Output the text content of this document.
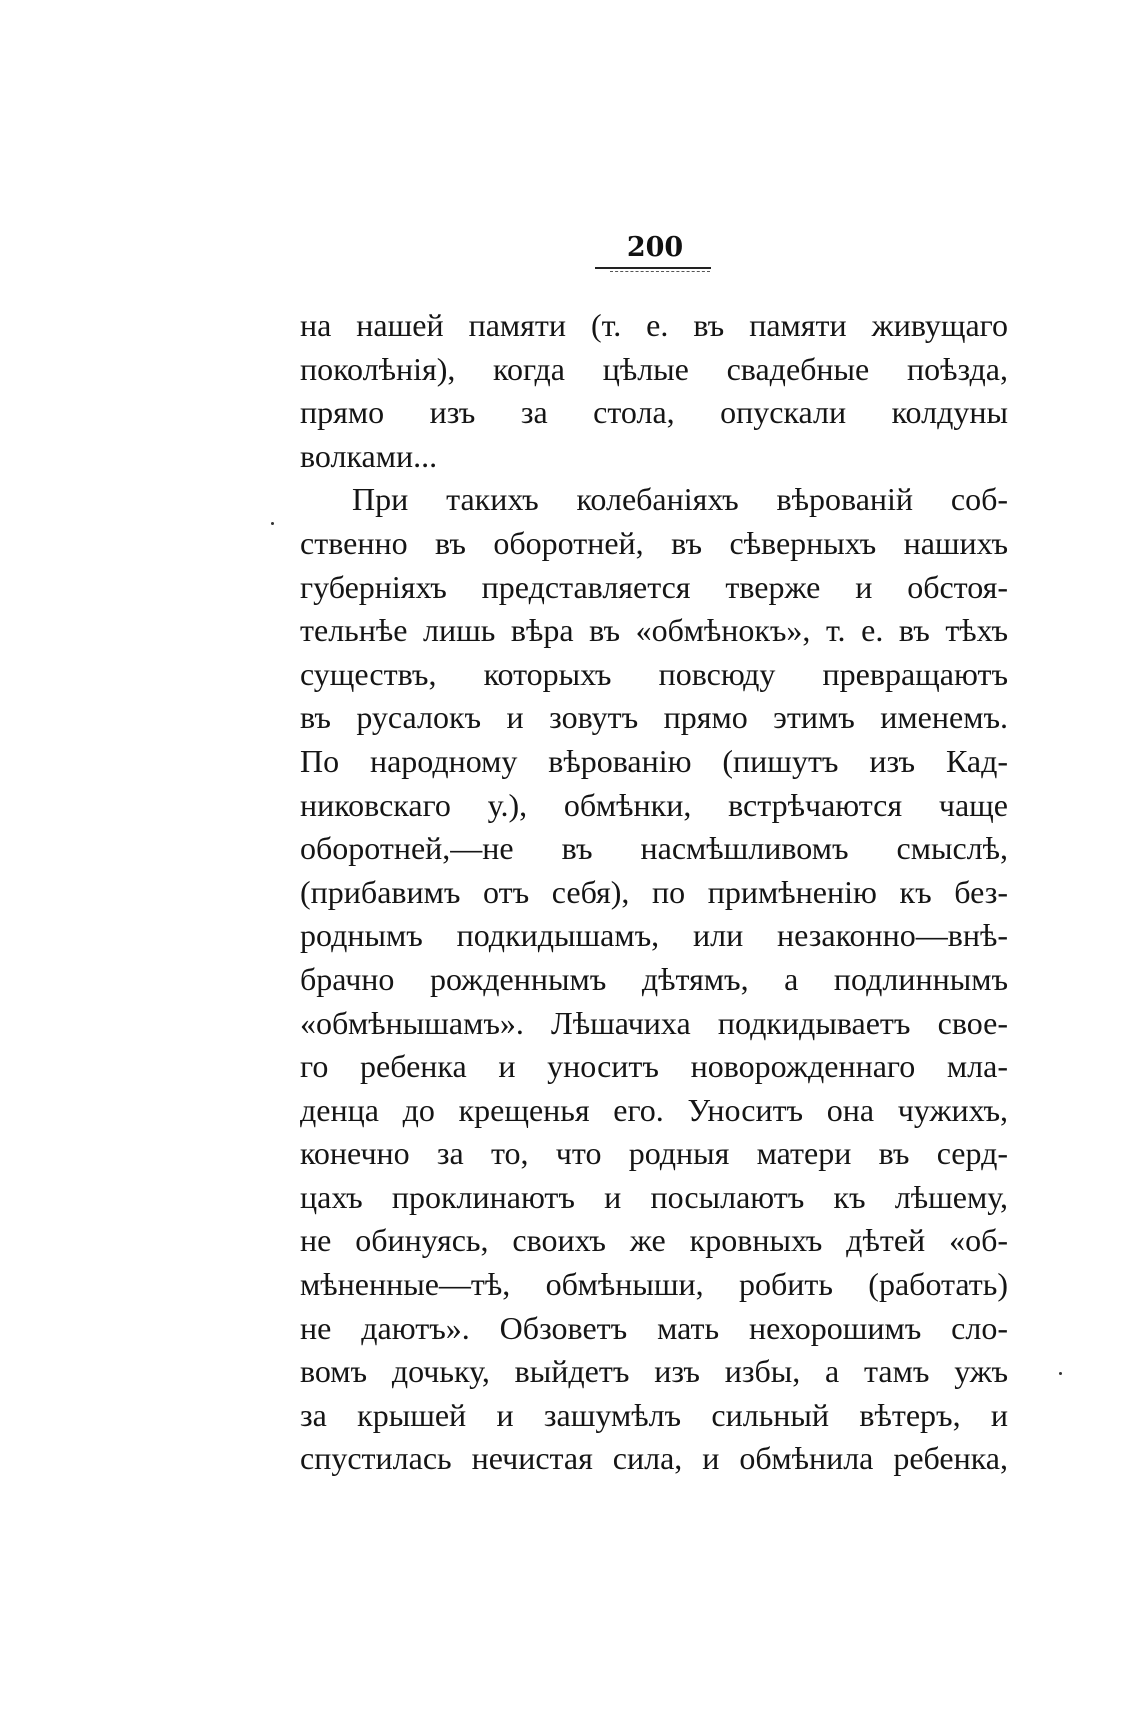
200
на нашей памяти (т. е. въ памяти живущаго
поколѣнія), когда цѣлые свадебные поѣзда,
прямо изъ за стола, опускали колдуны
волками...
При такихъ колебаніяхъ вѣрованій соб-
ственно въ оборотней, въ сѣверныхъ нашихъ
губерніяхъ представляется тверже и обстоя-
тельнѣе лишь вѣра въ «обмѣнокъ», т. е. въ тѣхъ
существъ, которыхъ повсюду превращаютъ
въ русалокъ и зовутъ прямо этимъ именемъ.
По народному вѣрованію (пишутъ изъ Кад-
никовскаго у.), обмѣнки, встрѣчаются чаще
оборотней,—не въ насмѣшливомъ смыслѣ,
(прибавимъ отъ себя), по примѣненію къ без-
роднымъ подкидышамъ, или незаконно—внѣ-
брачно рожденнымъ дѣтямъ, а подлиннымъ
«обмѣнышамъ». Лѣшачиха подкидываетъ свое-
го ребенка и уноситъ новорожденнаго мла-
денца до крещенья его. Уноситъ она чужихъ,
конечно за то, что родныя матери въ серд-
цахъ проклинаютъ и посылаютъ къ лѣшему,
не обинуясь, своихъ же кровныхъ дѣтей «об-
мѣненные—тѣ, обмѣныши, робить (работать)
не даютъ». Обзоветъ мать нехорошимъ сло-
вомъ дочьку, выйдетъ изъ избы, а тамъ ужъ
за крышей и зашумѣлъ сильный вѣтеръ, и
спустилась нечистая сила, и обмѣнила ребенка,
